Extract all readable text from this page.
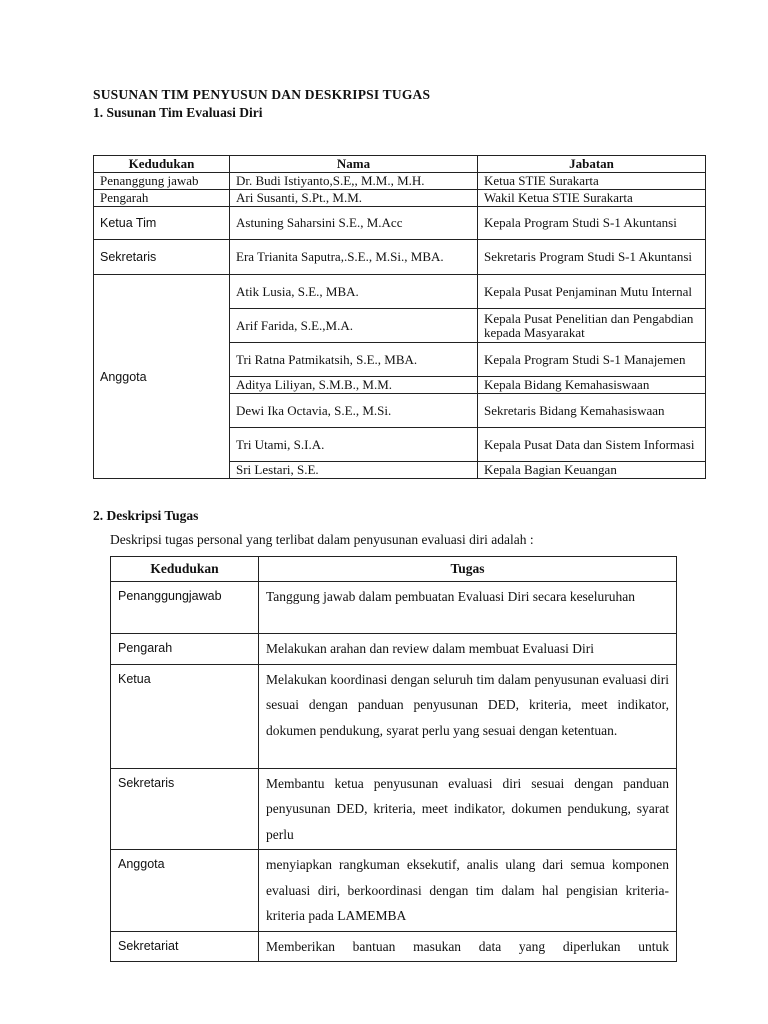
SUSUNAN TIM PENYUSUN DAN DESKRIPSI TUGAS
1. Susunan Tim Evaluasi Diri
Kedudukan	Nama	Jabatan
Penanggung jawab	Dr. Budi Istiyanto,S.E,, M.M., M.H.	Ketua STIE Surakarta
Pengarah	Ari Susanti, S.Pt., M.M.	Wakil Ketua STIE Surakarta
Ketua Tim	Astuning Saharsini S.E., M.Acc	Kepala Program Studi S-1 Akuntansi
Sekretaris	Era Trianita Saputra,.S.E., M.Si., MBA.	Sekretaris Program Studi S-1 Akuntansi
Anggota	Atik Lusia, S.E., MBA.	Kepala Pusat Penjaminan Mutu Internal
	Arif Farida, S.E.,M.A.	Kepala Pusat Penelitian dan Pengabdian kepada Masyarakat
	Tri Ratna Patmikatsih, S.E., MBA.	Kepala Program Studi S-1 Manajemen
	Aditya Liliyan, S.M.B., M.M.	Kepala Bidang Kemahasiswaan
	Dewi Ika Octavia, S.E., M.Si.	Sekretaris Bidang Kemahasiswaan
	Tri Utami, S.I.A.	Kepala Pusat Data dan Sistem Informasi
	Sri Lestari, S.E.	Kepala Bagian Keuangan
2. Deskripsi Tugas
Deskripsi tugas personal yang terlibat dalam penyusunan evaluasi diri adalah :
Kedudukan	Tugas
Penanggungjawab	Tanggung jawab dalam pembuatan Evaluasi Diri secara keseluruhan
Pengarah	Melakukan arahan dan review dalam membuat Evaluasi Diri
Ketua	Melakukan koordinasi dengan seluruh tim dalam penyusunan evaluasi diri sesuai dengan panduan penyusunan DED, kriteria, meet indikator, dokumen pendukung, syarat perlu yang sesuai dengan ketentuan.
Sekretaris	Membantu ketua penyusunan evaluasi diri sesuai dengan panduan penyusunan DED, kriteria, meet indikator, dokumen pendukung, syarat perlu
Anggota	menyiapkan rangkuman eksekutif, analis ulang dari semua komponen evaluasi diri, berkoordinasi dengan tim dalam hal pengisian kriteria-kriteria pada LAMEMBA
Sekretariat	Memberikan bantuan masukan data yang diperlukan untuk
